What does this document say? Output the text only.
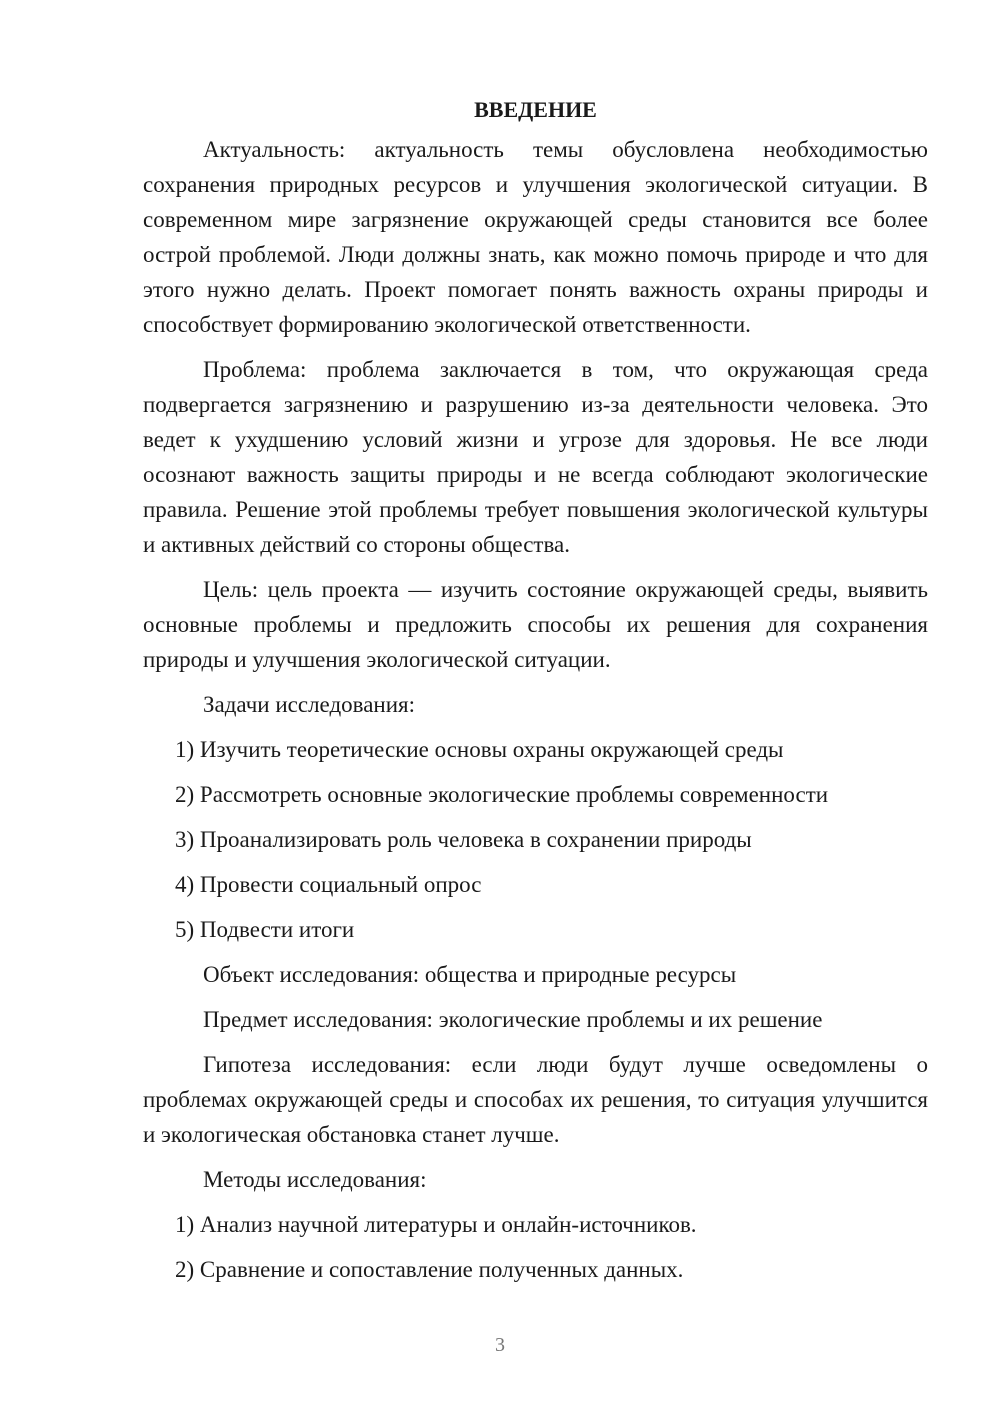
ВВЕДЕНИЕ

Актуальность: актуальность темы обусловлена необходимостью сохранения природных ресурсов и улучшения экологической ситуации. В современном мире загрязнение окружающей среды становится все более острой проблемой. Люди должны знать, как можно помочь природе и что для этого нужно делать. Проект помогает понять важность охраны природы и способствует формированию экологической ответственности.

Проблема: проблема заключается в том, что окружающая среда подвергается загрязнению и разрушению из-за деятельности человека. Это ведет к ухудшению условий жизни и угрозе для здоровья. Не все люди осознают важность защиты природы и не всегда соблюдают экологические правила. Решение этой проблемы требует повышения экологической культуры и активных действий со стороны общества.

Цель: цель проекта — изучить состояние окружающей среды, выявить основные проблемы и предложить способы их решения для сохранения природы и улучшения экологической ситуации.

Задачи исследования:

1) Изучить теоретические основы охраны окружающей среды

2) Рассмотреть основные экологические проблемы современности

3) Проанализировать роль человека в сохранении природы

4) Провести социальный опрос

5) Подвести итоги

Объект исследования: общества и природные ресурсы

Предмет исследования: экологические проблемы и их решение

Гипотеза исследования: если люди будут лучше осведомлены о проблемах окружающей среды и способах их решения, то ситуация улучшится и экологическая обстановка станет лучше.

Методы исследования:

1) Анализ научной литературы и онлайн-источников.

2) Сравнение и сопоставление полученных данных.

3
